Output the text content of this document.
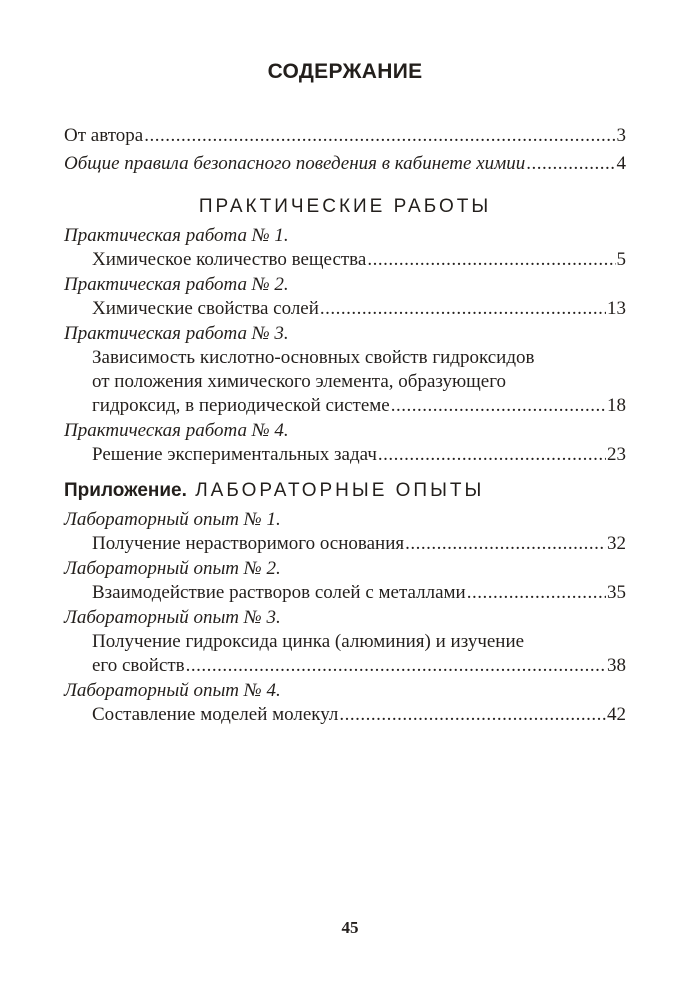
СОДЕРЖАНИЕ
От автора .....	3
Общие правила безопасного поведения в кабинете химии .....	4
ПРАКТИЧЕСКИЕ РАБОТЫ
Практическая работа № 1.
Химическое количество вещества .....	5
Практическая работа № 2.
Химические свойства солей .....	13
Практическая работа № 3.
Зависимость кислотно-основных свойств гидроксидов
от положения химического элемента, образующего
гидроксид, в периодической системе .....	18
Практическая работа № 4.
Решение экспериментальных задач .....	23
Приложение. ЛАБОРАТОРНЫЕ ОПЫТЫ
Лабораторный опыт № 1.
Получение нерастворимого основания .....	32
Лабораторный опыт № 2.
Взаимодействие растворов солей с металлами .....	35
Лабораторный опыт № 3.
Получение гидроксида цинка (алюминия) и изучение
его свойств .....	38
Лабораторный опыт № 4.
Составление моделей молекул .....	42
45
